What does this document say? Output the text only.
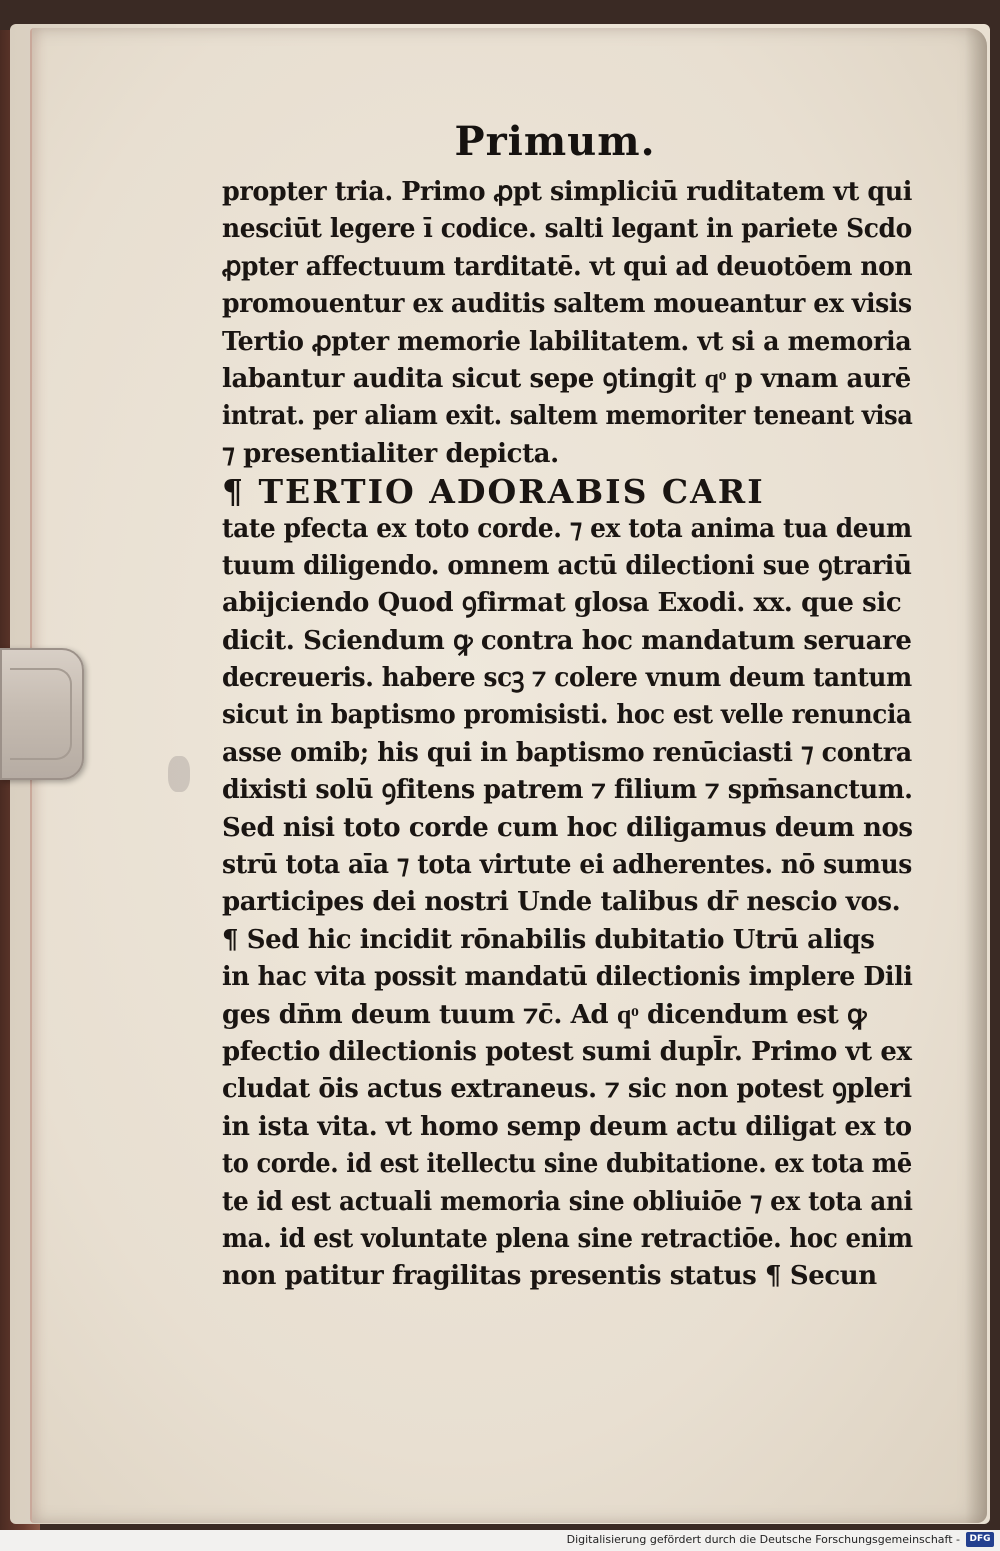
Primum.
propter tria. Primo ꝓpt simpliciū ruditatem vt qui
nesciūt legere ī codice. salti legant in pariete Scdo
ꝓpter affectuum tarditatē. vt qui ad deuotōem non
promouentur ex auditis saltem moueantur ex visis
Tertio ꝓpter memorie labilitatem. vt si a memoria
labantur audita sicut sepe ꝯtingit qͦ p vnam aurē
intrat. per aliam exit. saltem memoriter teneant visa
⁊ presentialiter depicta.
¶ TERTIO ADORABIS CARI
tate pfecta ex toto corde. ⁊ ex tota anima tua deum
tuum diligendo. omnem actū dilectioni sue ꝯtrariū
abijciendo Quod ꝯfirmat glosa Exodi. xx. que sic
dicit. Sciendum ꝙ contra hoc mandatum seruare
decreueris. habere scꝫ ⁊ colere vnum deum tantum
sicut in baptismo promisisti. hoc est velle renuncia
asse omib; his qui in baptismo renūciasti ⁊ contra
dixisti solū ꝯfitens patrem ⁊ filium ⁊ spm̄sanctum.
Sed nisi toto corde cum hoc diligamus deum nos
strū tota aīa ⁊ tota virtute ei adherentes. nō sumus
participes dei nostri Unde talibus dr̄ nescio vos.
¶ Sed hic incidit rōnabilis dubitatio Utrū aliqs
in hac vita possit mandatū dilectionis implere Dili
ges dn̄m deum tuum ⁊c̄. Ad qͦ dicendum est ꝙ
pfectio dilectionis potest sumi dupl̄r. Primo vt ex
cludat ōis actus extraneus. ⁊ sic non potest ꝯpleri
in ista vita. vt homo semp deum actu diligat ex to
to corde. id est itellectu sine dubitatione. ex tota mē
te id est actuali memoria sine obliuiōe ⁊ ex tota ani
ma. id est voluntate plena sine retractiōe. hoc enim
non patitur fragilitas presentis status ¶ Secun
Digitalisierung gefördert durch die Deutsche Forschungsgemeinschaft -	DFG
